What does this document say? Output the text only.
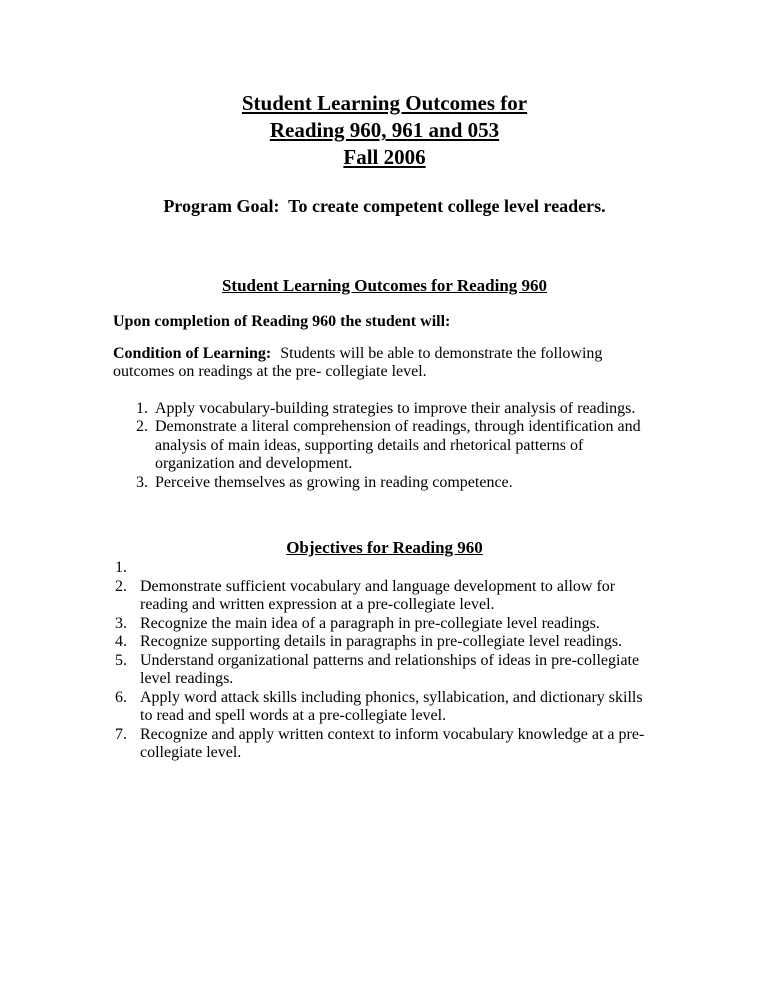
Student Learning Outcomes for
Reading 960, 961 and 053
Fall 2006
Program Goal:  To create competent college level readers.
Student Learning Outcomes for Reading 960
Upon completion of Reading 960 the student will:
Condition of Learning: Students will be able to demonstrate the following outcomes on readings at the pre- collegiate level.
1. Apply vocabulary-building strategies to improve their analysis of readings.
2. Demonstrate a literal comprehension of readings, through identification and analysis of main ideas, supporting details and rhetorical patterns of organization and development.
3. Perceive themselves as growing in reading competence.
Objectives for Reading 960
1.
2. Demonstrate sufficient vocabulary and language development to allow for reading and written expression at a pre-collegiate level.
3. Recognize the main idea of a paragraph in pre-collegiate level readings.
4. Recognize supporting details in paragraphs in pre-collegiate level readings.
5. Understand organizational patterns and relationships of ideas in pre-collegiate level readings.
6. Apply word attack skills including phonics, syllabication, and dictionary skills to read and spell words at a pre-collegiate level.
7. Recognize and apply written context to inform vocabulary knowledge at a pre-collegiate level.
